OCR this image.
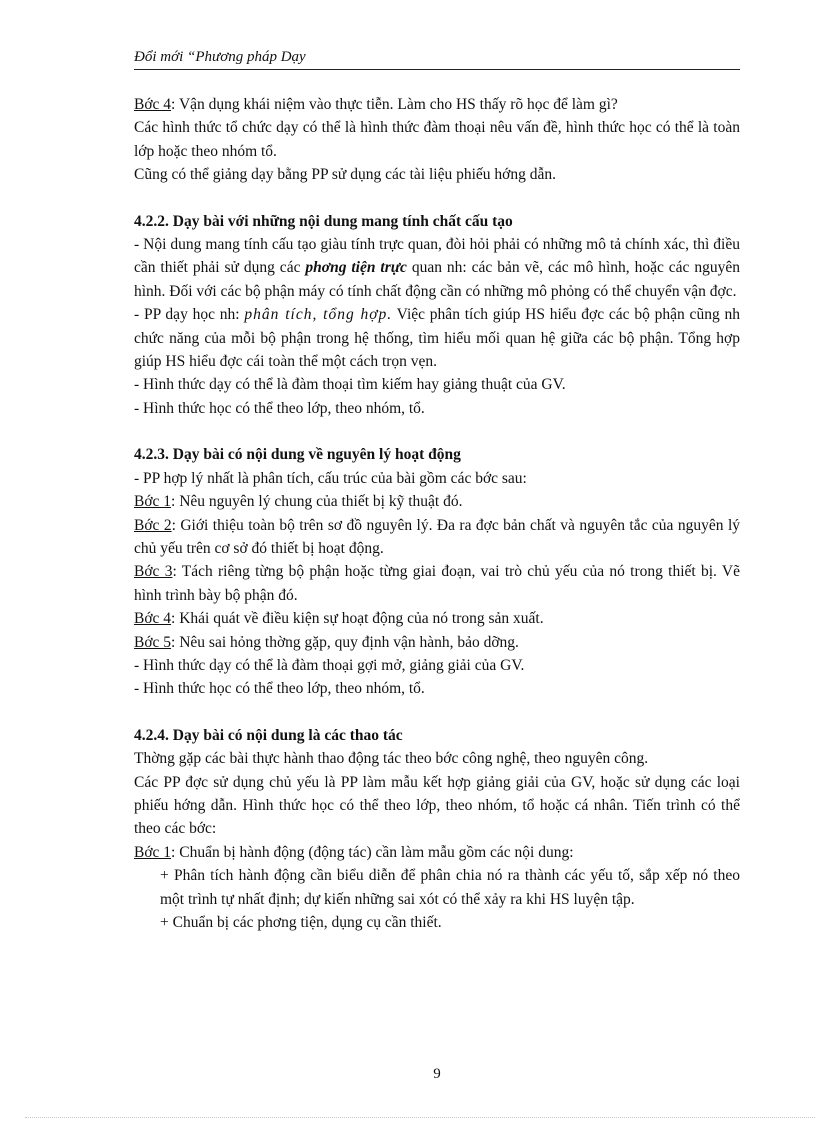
Đổi mới “Phương pháp Dạy

Bớc 4: Vận dụng khái niệm vào thực tiễn. Làm cho HS thấy rõ học để làm gì?

Các hình thức tổ chức dạy có thể là hình thức đàm thoại nêu vấn đề, hình thức học có thể là toàn lớp hoặc theo nhóm tổ.

Cũng có thể giảng dạy bằng PP sử dụng các tài liệu phiếu hớng dẫn.

4.2.2. Dạy bài với những nội dung mang tính chất cấu tạo

- Nội dung mang tính cấu tạo giàu tính trực quan, đòi hỏi phải có những mô tả chính xác, thì điều cần thiết phải sử dụng các phơng tiện trực quan nh: các bản vẽ, các mô hình, hoặc các nguyên hình. Đối với các bộ phận máy có tính chất động cần có những mô phỏng có thể chuyển vận đợc.

- PP dạy học nh: phân tích, tổng hợp. Việc phân tích giúp HS hiểu đợc các bộ phận cũng nh chức năng của mỗi bộ phận trong hệ thống, tìm hiểu mối quan hệ giữa các bộ phận. Tổng hợp giúp HS hiểu đợc cái toàn thể một cách trọn vẹn.

- Hình thức dạy có thể là đàm thoại tìm kiếm hay giảng thuật của GV.

- Hình thức học có thể theo lớp, theo nhóm, tổ.

4.2.3. Dạy bài có nội dung về nguyên lý hoạt động

- PP hợp lý nhất là phân tích, cấu trúc của bài gồm các bớc sau:

Bớc 1: Nêu nguyên lý chung của thiết bị kỹ thuật đó.

Bớc 2: Giới thiệu toàn bộ trên sơ đồ nguyên lý. Đa ra đợc bản chất và nguyên tắc của nguyên lý chủ yếu trên cơ sở đó thiết bị hoạt động.

Bớc 3: Tách riêng từng bộ phận hoặc từng giai đoạn, vai trò chủ yếu của nó trong thiết bị. Vẽ hình trình bày bộ phận đó.

Bớc 4: Khái quát về điều kiện sự hoạt động của nó trong sản xuất.

Bớc 5: Nêu sai hỏng thờng gặp, quy định vận hành, bảo dỡng.

- Hình thức dạy có thể là đàm thoại gợi mở, giảng giải của GV.

- Hình thức học có thể theo lớp, theo nhóm, tổ.

4.2.4. Dạy bài có nội dung là các thao tác

Thờng gặp các bài thực hành thao động tác theo bớc công nghệ, theo nguyên công.

Các PP đợc sử dụng chủ yếu là PP làm mẫu kết hợp giảng giải của GV, hoặc sử dụng các loại phiếu hớng dẫn. Hình thức học có thể theo lớp, theo nhóm, tổ hoặc cá nhân. Tiến trình có thể theo các bớc:

Bớc 1: Chuẩn bị hành động (động tác) cần làm mẫu gồm các nội dung:

+ Phân tích hành động cần biểu diễn để phân chia nó ra thành các yếu tố, sắp xếp nó theo một trình tự nhất định; dự kiến những sai xót có thể xảy ra khi HS luyện tập.

+ Chuẩn bị các phơng tiện, dụng cụ cần thiết.

9
